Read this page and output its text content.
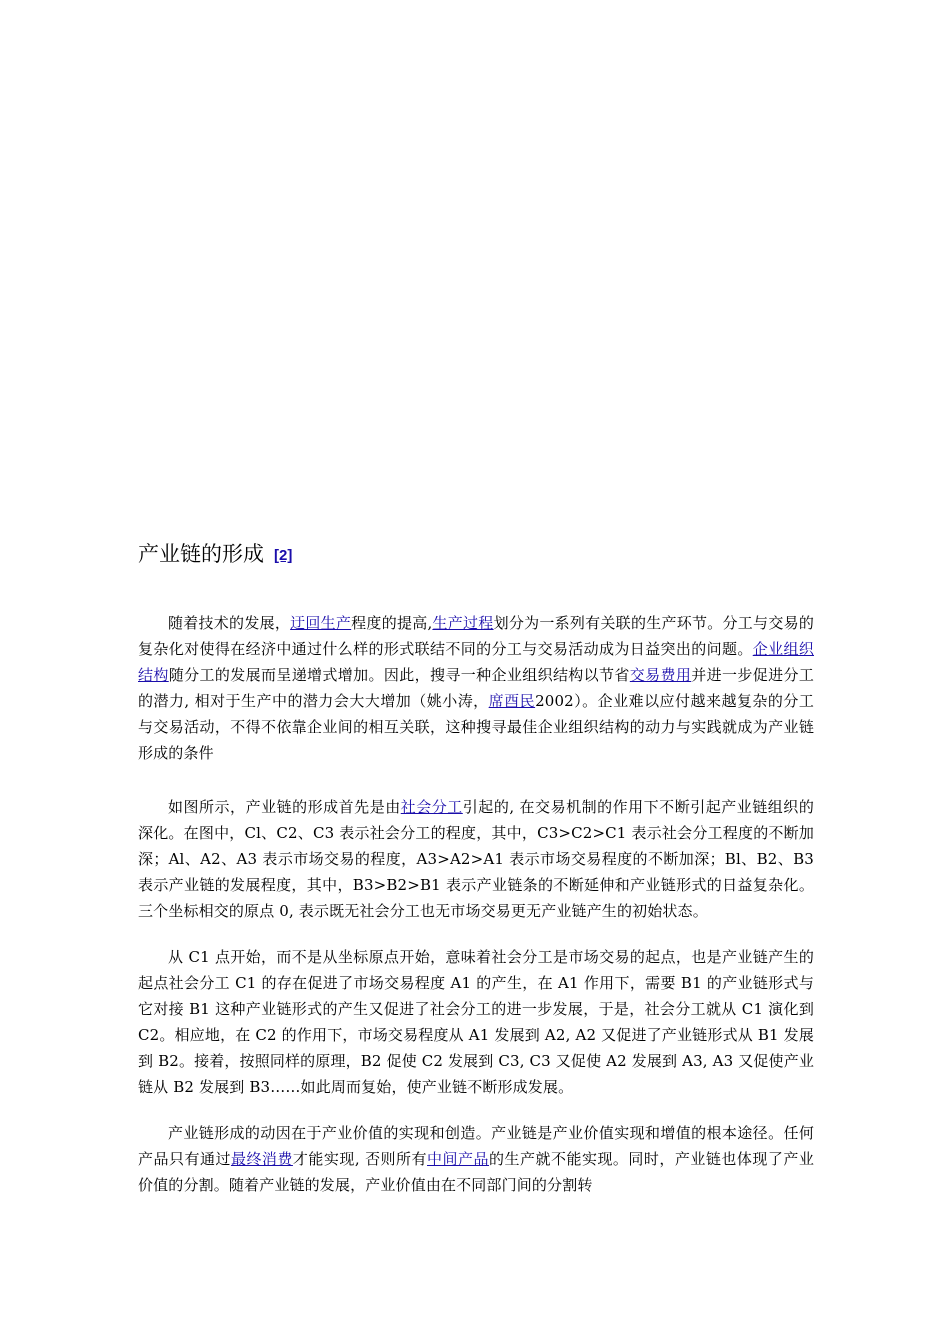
产业链的形成 [2]

随着技术的发展，迂回生产程度的提高,生产过程划分为一系列有关联的生产环节。分工与交易的复杂化对使得在经济中通过什么样的形式联结不同的分工与交易活动成为日益突出的问题。企业组织结构随分工的发展而呈递增式增加。因此，搜寻一种企业组织结构以节省交易费用并进一步促进分工的潜力, 相对于生产中的潜力会大大增加（姚小涛，席酉民2002）。企业难以应付越来越复杂的分工与交易活动，不得不依靠企业间的相互关联，这种搜寻最佳企业组织结构的动力与实践就成为产业链形成的条件

如图所示，产业链的形成首先是由社会分工引起的, 在交易机制的作用下不断引起产业链组织的深化。在图中，Cl、C2、C3 表示社会分工的程度，其中，C3>C2>C1 表示社会分工程度的不断加深；Al、A2、A3 表示市场交易的程度，A3>A2>A1 表示市场交易程度的不断加深；Bl、B2、B3 表示产业链的发展程度，其中，B3>B2>B1 表示产业链条的不断延伸和产业链形式的日益复杂化。三个坐标相交的原点 0, 表示既无社会分工也无市场交易更无产业链产生的初始状态。

从 C1 点开始，而不是从坐标原点开始，意味着社会分工是市场交易的起点，也是产业链产生的起点社会分工 C1 的存在促进了市场交易程度 A1 的产生，在 A1 作用下，需要 B1 的产业链形式与它对接 B1 这种产业链形式的产生又促进了社会分工的进一步发展，于是，社会分工就从 C1 演化到 C2。相应地，在 C2 的作用下，市场交易程度从 A1 发展到 A2, A2 又促进了产业链形式从 B1 发展到 B2。接着，按照同样的原理，B2 促使 C2 发展到 C3, C3 又促使 A2 发展到 A3, A3 又促使产业链从 B2 发展到 B3……如此周而复始，使产业链不断形成发展。

产业链形成的动因在于产业价值的实现和创造。产业链是产业价值实现和增值的根本途径。任何产品只有通过最终消费才能实现, 否则所有中间产品的生产就不能实现。同时，产业链也体现了产业价值的分割。随着产业链的发展，产业价值由在不同部门间的分割转
